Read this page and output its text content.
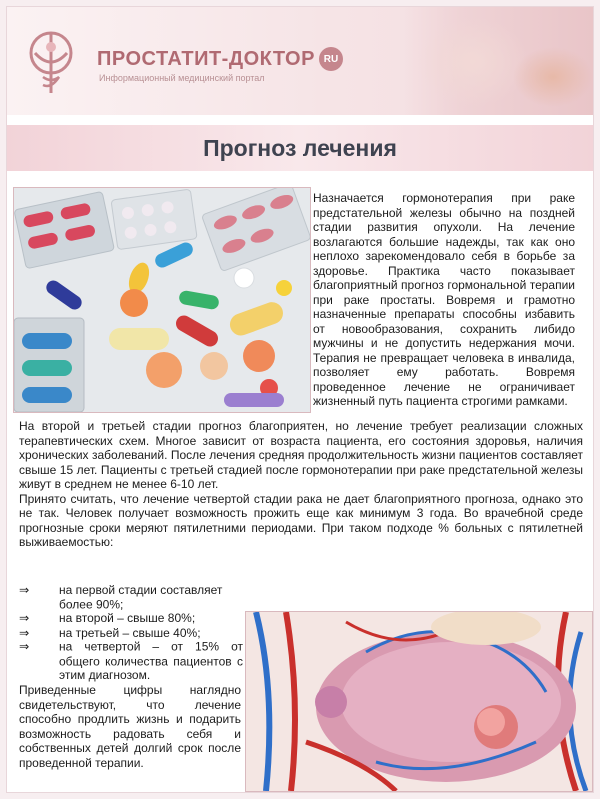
ПРОСТАТИТ-ДОКТОР RU
Информационный медицинский портал
Прогноз лечения

Назначается гормонотерапия при раке предстательной железы обычно на поздней стадии развития опухоли. На лечение возлагаются большие надежды, так как оно неплохо зарекомендовало себя в борьбе за здоровье. Практика часто показывает благоприятный прогноз гормональной терапии при раке простаты. Вовремя и грамотно назначенные препараты способны избавить от новообразования, сохранить либидо мужчины и не допустить недержания мочи. Терапия не превращает человека в инвалида, позволяет ему работать. Вовремя проведенное лечение не ограничивает жизненный путь пациента строгими рамками.

На второй и третьей стадии прогноз благоприятен, но лечение требует реализации сложных терапевтических схем. Многое зависит от возраста пациента, его состояния здоровья, наличия хронических заболеваний. После лечения средняя продолжительность жизни пациентов составляет свыше 15 лет. Пациенты с третьей стадией после гормонотерапии при раке предстательной железы живут в среднем не менее 6-10 лет.

Принято считать, что лечение четвертой стадии рака не дает благоприятного прогноза, однако это не так. Человек получает возможность прожить еще как минимум 3 года. Во врачебной среде прогнозные сроки меряют пятилетними периодами. При таком подходе % больных с пятилетней выживаемостью:

⇒	на первой стадии составляет более 90%;
⇒	на второй – свыше 80%;
⇒	на третьей – свыше 40%;
⇒	на четвертой – от 15% от общего количества пациентов с этим диагнозом.

Приведенные цифры наглядно свидетельствуют, что лечение способно продлить жизнь и подарить возможность радовать себя и собственных детей долгий срок после проведенной терапии.
